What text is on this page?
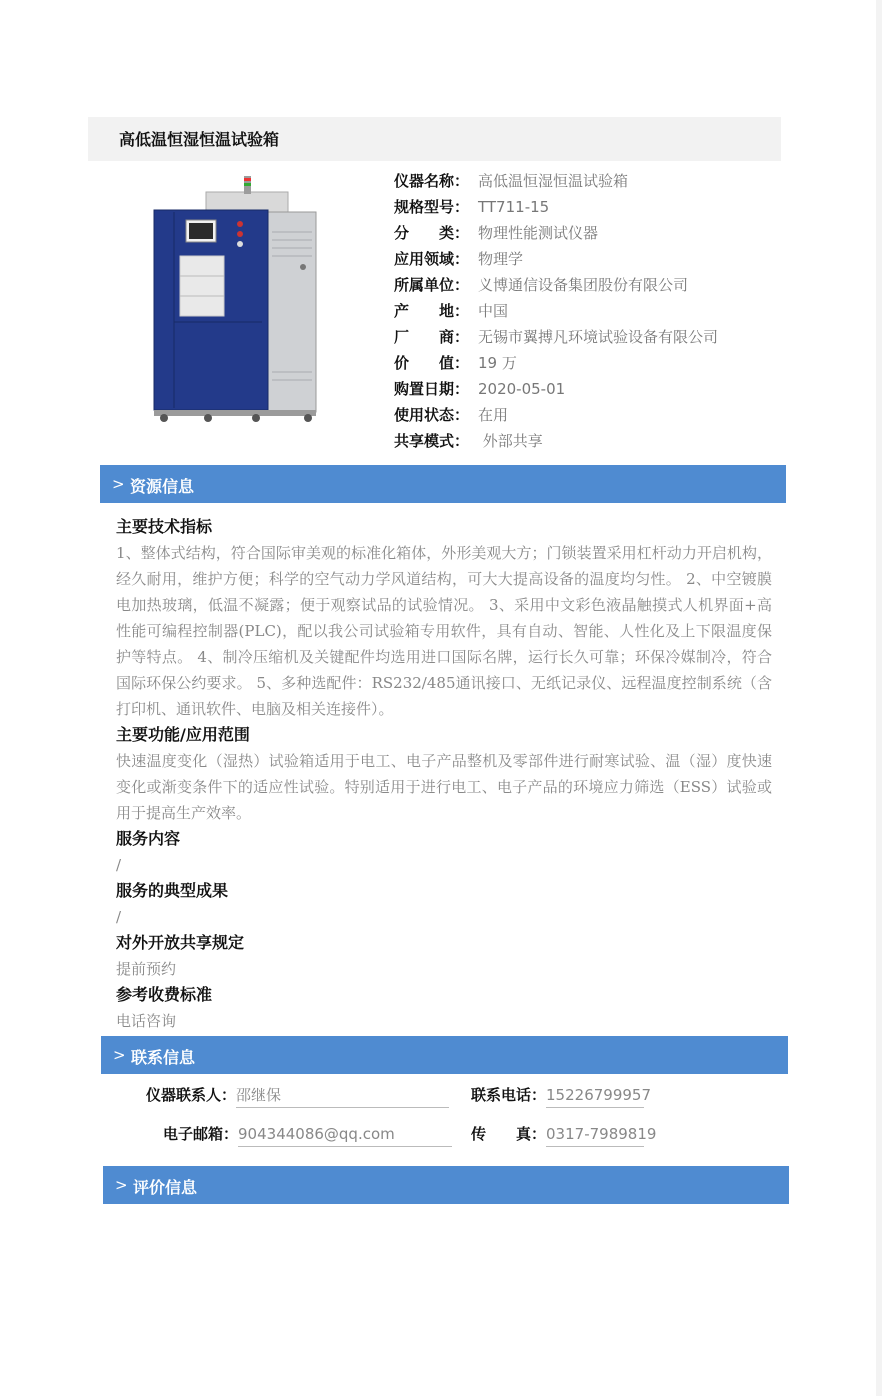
高低温恒湿恒温试验箱
仪器名称： 高低温恒湿恒温试验箱
规格型号： TT711-15
分　　类： 物理性能测试仪器
应用领域： 物理学
所属单位： 义博通信设备集团股份有限公司
产　　地： 中国
厂　　商： 无锡市翼搏凡环境试验设备有限公司
价　　值： 19 万
购置日期： 2020-05-01
使用状态： 在用
共享模式： 外部共享
> 资源信息
主要技术指标

1、整体式结构，符合国际审美观的标准化箱体，外形美观大方；门锁装置采用杠杆动力开启机构，经久耐用，维护方便；科学的空气动力学风道结构，可大大提高设备的温度均匀性。 2、中空镀膜电加热玻璃，低温不凝露；便于观察试品的试验情况。 3、采用中文彩色液晶触摸式人机界面+高性能可编程控制器(PLC)，配以我公司试验箱专用软件，具有自动、智能、人性化及上下限温度保护等特点。 4、制冷压缩机及关键配件均选用进口国际名牌，运行长久可靠；环保冷媒制冷，符合国际环保公约要求。 5、多种选配件：RS232/485通讯接口、无纸记录仪、远程温度控制系统（含打印机、通讯软件、电脑及相关连接件）。

主要功能/应用范围

快速温度变化（湿热）试验箱适用于电工、电子产品整机及零部件进行耐寒试验、温（湿）度快速变化或渐变条件下的适应性试验。特别适用于进行电工、电子产品的环境应力筛选（ESS）试验或用于提高生产效率。

服务内容

/

服务的典型成果

/

对外开放共享规定

提前预约

参考收费标准

电话咨询

> 联系信息
仪器联系人：邵继保	联系电话：15226799957
电子邮箱：904344086@qq.com	传　　真：0317-7989819
> 评价信息
